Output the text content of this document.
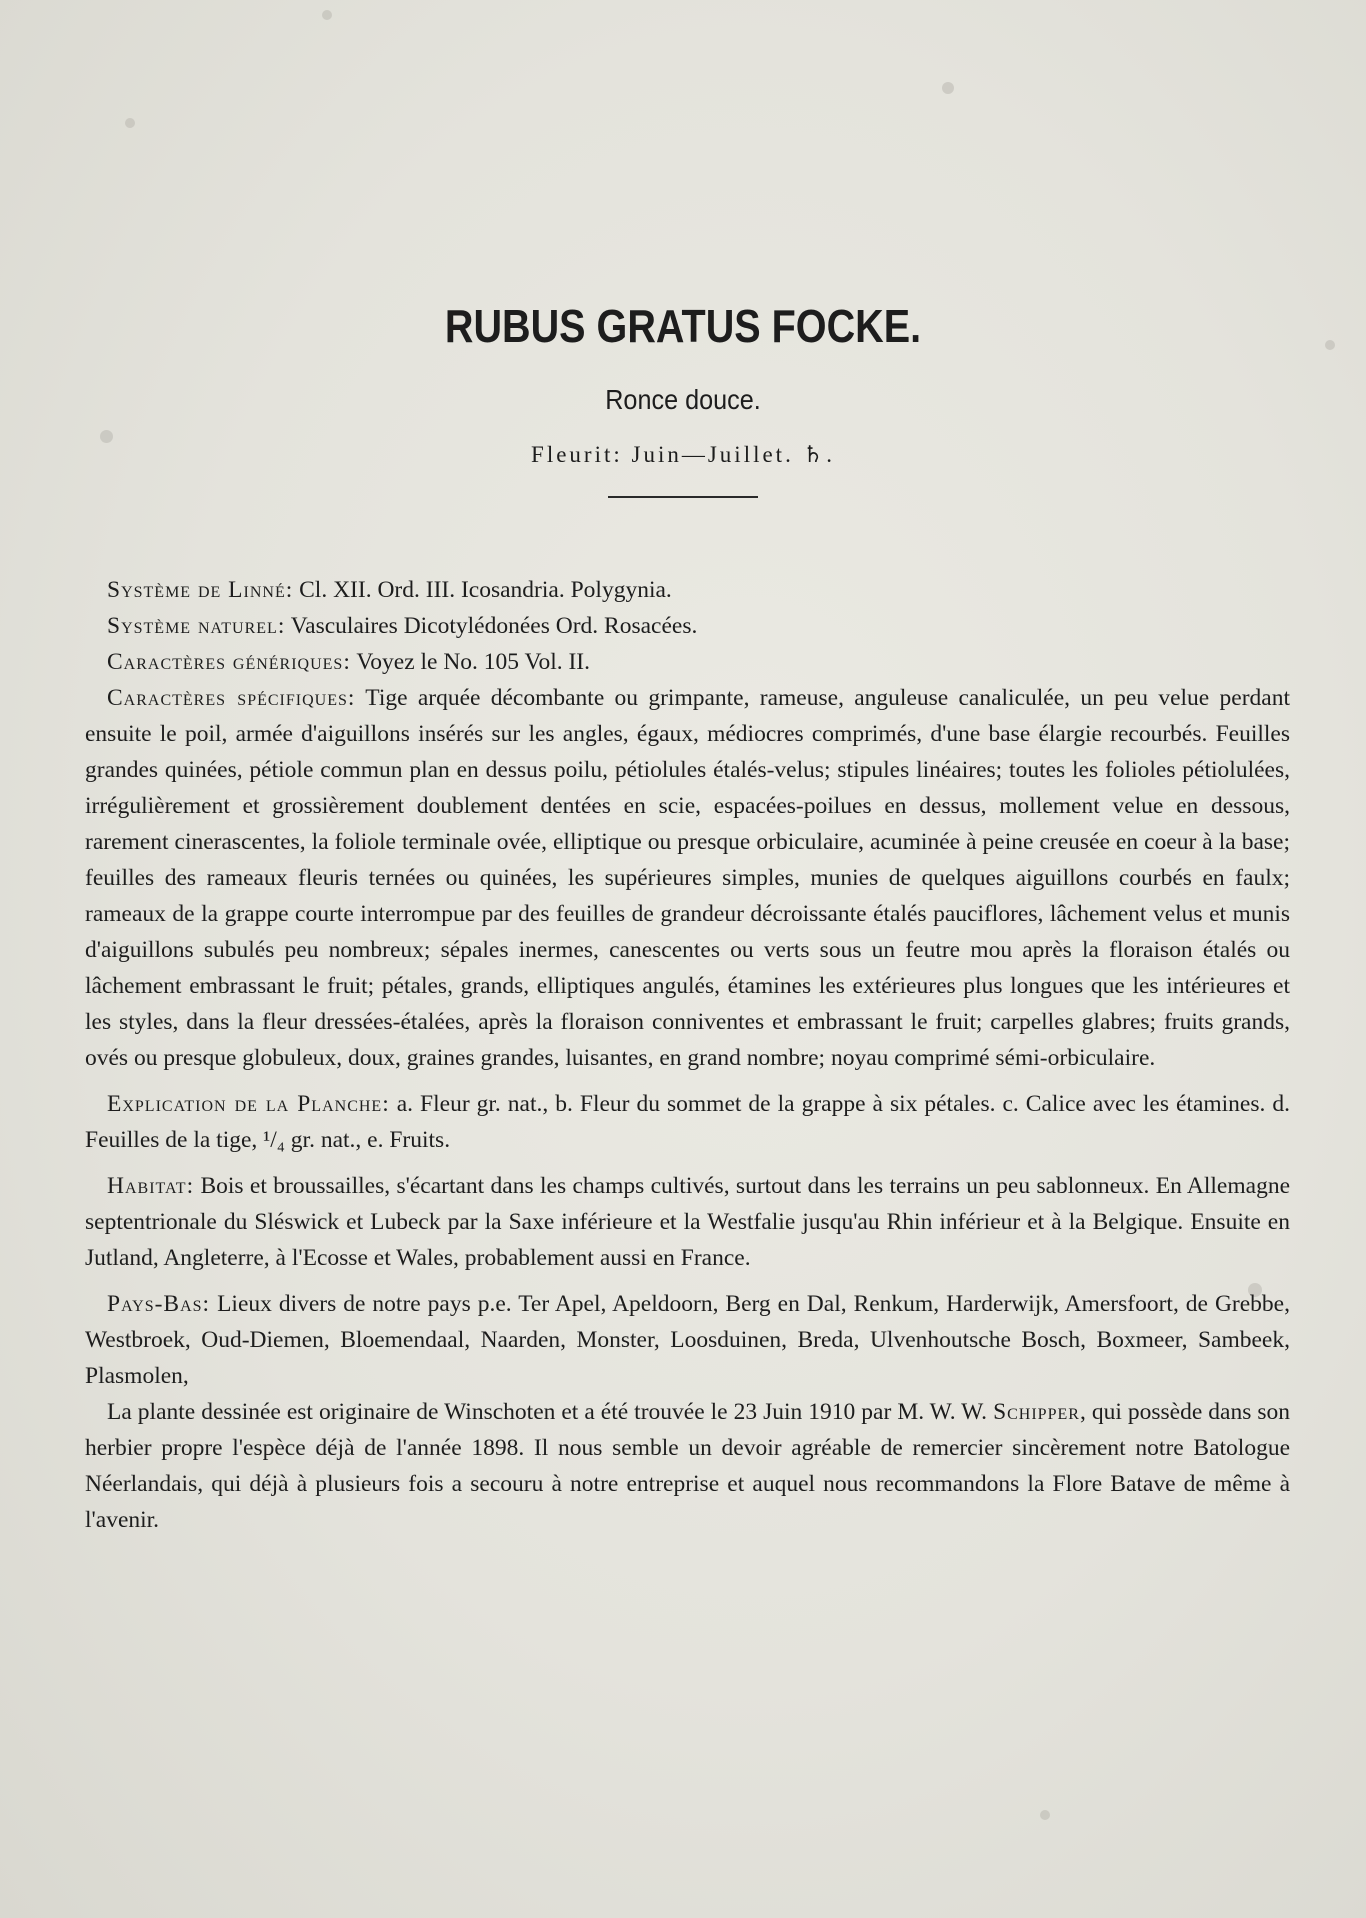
RUBUS GRATUS FOCKE.
Ronce douce.
Fleurit: Juin—Juillet. ♄.

Système de Linné: Cl. XII. Ord. III. Icosandria. Polygynia.

Système naturel: Vasculaires Dicotylédonées Ord. Rosacées.

Caractères génériques: Voyez le No. 105 Vol. II.

Caractères spécifiques: Tige arquée décombante ou grimpante, rameuse, anguleuse canaliculée, un peu velue perdant ensuite le poil, armée d'aiguillons insérés sur les angles, égaux, médiocres comprimés, d'une base élargie recourbés. Feuilles grandes quinées, pétiole commun plan en dessus poilu, pétiolules étalés-velus; stipules linéaires; toutes les folioles pétiolulées, irrégulièrement et grossièrement doublement dentées en scie, espacées-poilues en dessus, mollement velue en dessous, rarement cinerascentes, la foliole terminale ovée, elliptique ou presque orbiculaire, acuminée à peine creusée en coeur à la base; feuilles des rameaux fleuris ternées ou quinées, les supérieures simples, munies de quelques aiguillons courbés en faulx; rameaux de la grappe courte interrompue par des feuilles de grandeur décroissante étalés pauciflores, lâchement velus et munis d'aiguillons subulés peu nombreux; sépales inermes, canescentes ou verts sous un feutre mou après la floraison étalés ou lâchement embrassant le fruit; pétales, grands, elliptiques angulés, étamines les extérieures plus longues que les intérieures et les styles, dans la fleur dressées-étalées, après la floraison conniventes et embrassant le fruit; carpelles glabres; fruits grands, ovés ou presque globuleux, doux, graines grandes, luisantes, en grand nombre; noyau comprimé sémi-orbiculaire.

Explication de la Planche: a. Fleur gr. nat., b. Fleur du sommet de la grappe à six pétales. c. Calice avec les étamines. d. Feuilles de la tige, ¹/₄ gr. nat., e. Fruits.

Habitat: Bois et broussailles, s'écartant dans les champs cultivés, surtout dans les terrains un peu sablonneux. En Allemagne septentrionale du Sléswick et Lubeck par la Saxe inférieure et la Westfalie jusqu'au Rhin inférieur et à la Belgique. Ensuite en Jutland, Angleterre, à l'Ecosse et Wales, probablement aussi en France.

Pays-Bas: Lieux divers de notre pays p.e. Ter Apel, Apeldoorn, Berg en Dal, Renkum, Harderwijk, Amersfoort, de Grebbe, Westbroek, Oud-Diemen, Bloemendaal, Naarden, Monster, Loosduinen, Breda, Ulvenhoutsche Bosch, Boxmeer, Sambeek, Plasmolen,

La plante dessinée est originaire de Winschoten et a été trouvée le 23 Juin 1910 par M. W. W. Schipper, qui possède dans son herbier propre l'espèce déjà de l'année 1898. Il nous semble un devoir agréable de remercier sincèrement notre Batologue Néerlandais, qui déjà à plusieurs fois a secouru à notre entreprise et auquel nous recommandons la Flore Batave de même à l'avenir.
